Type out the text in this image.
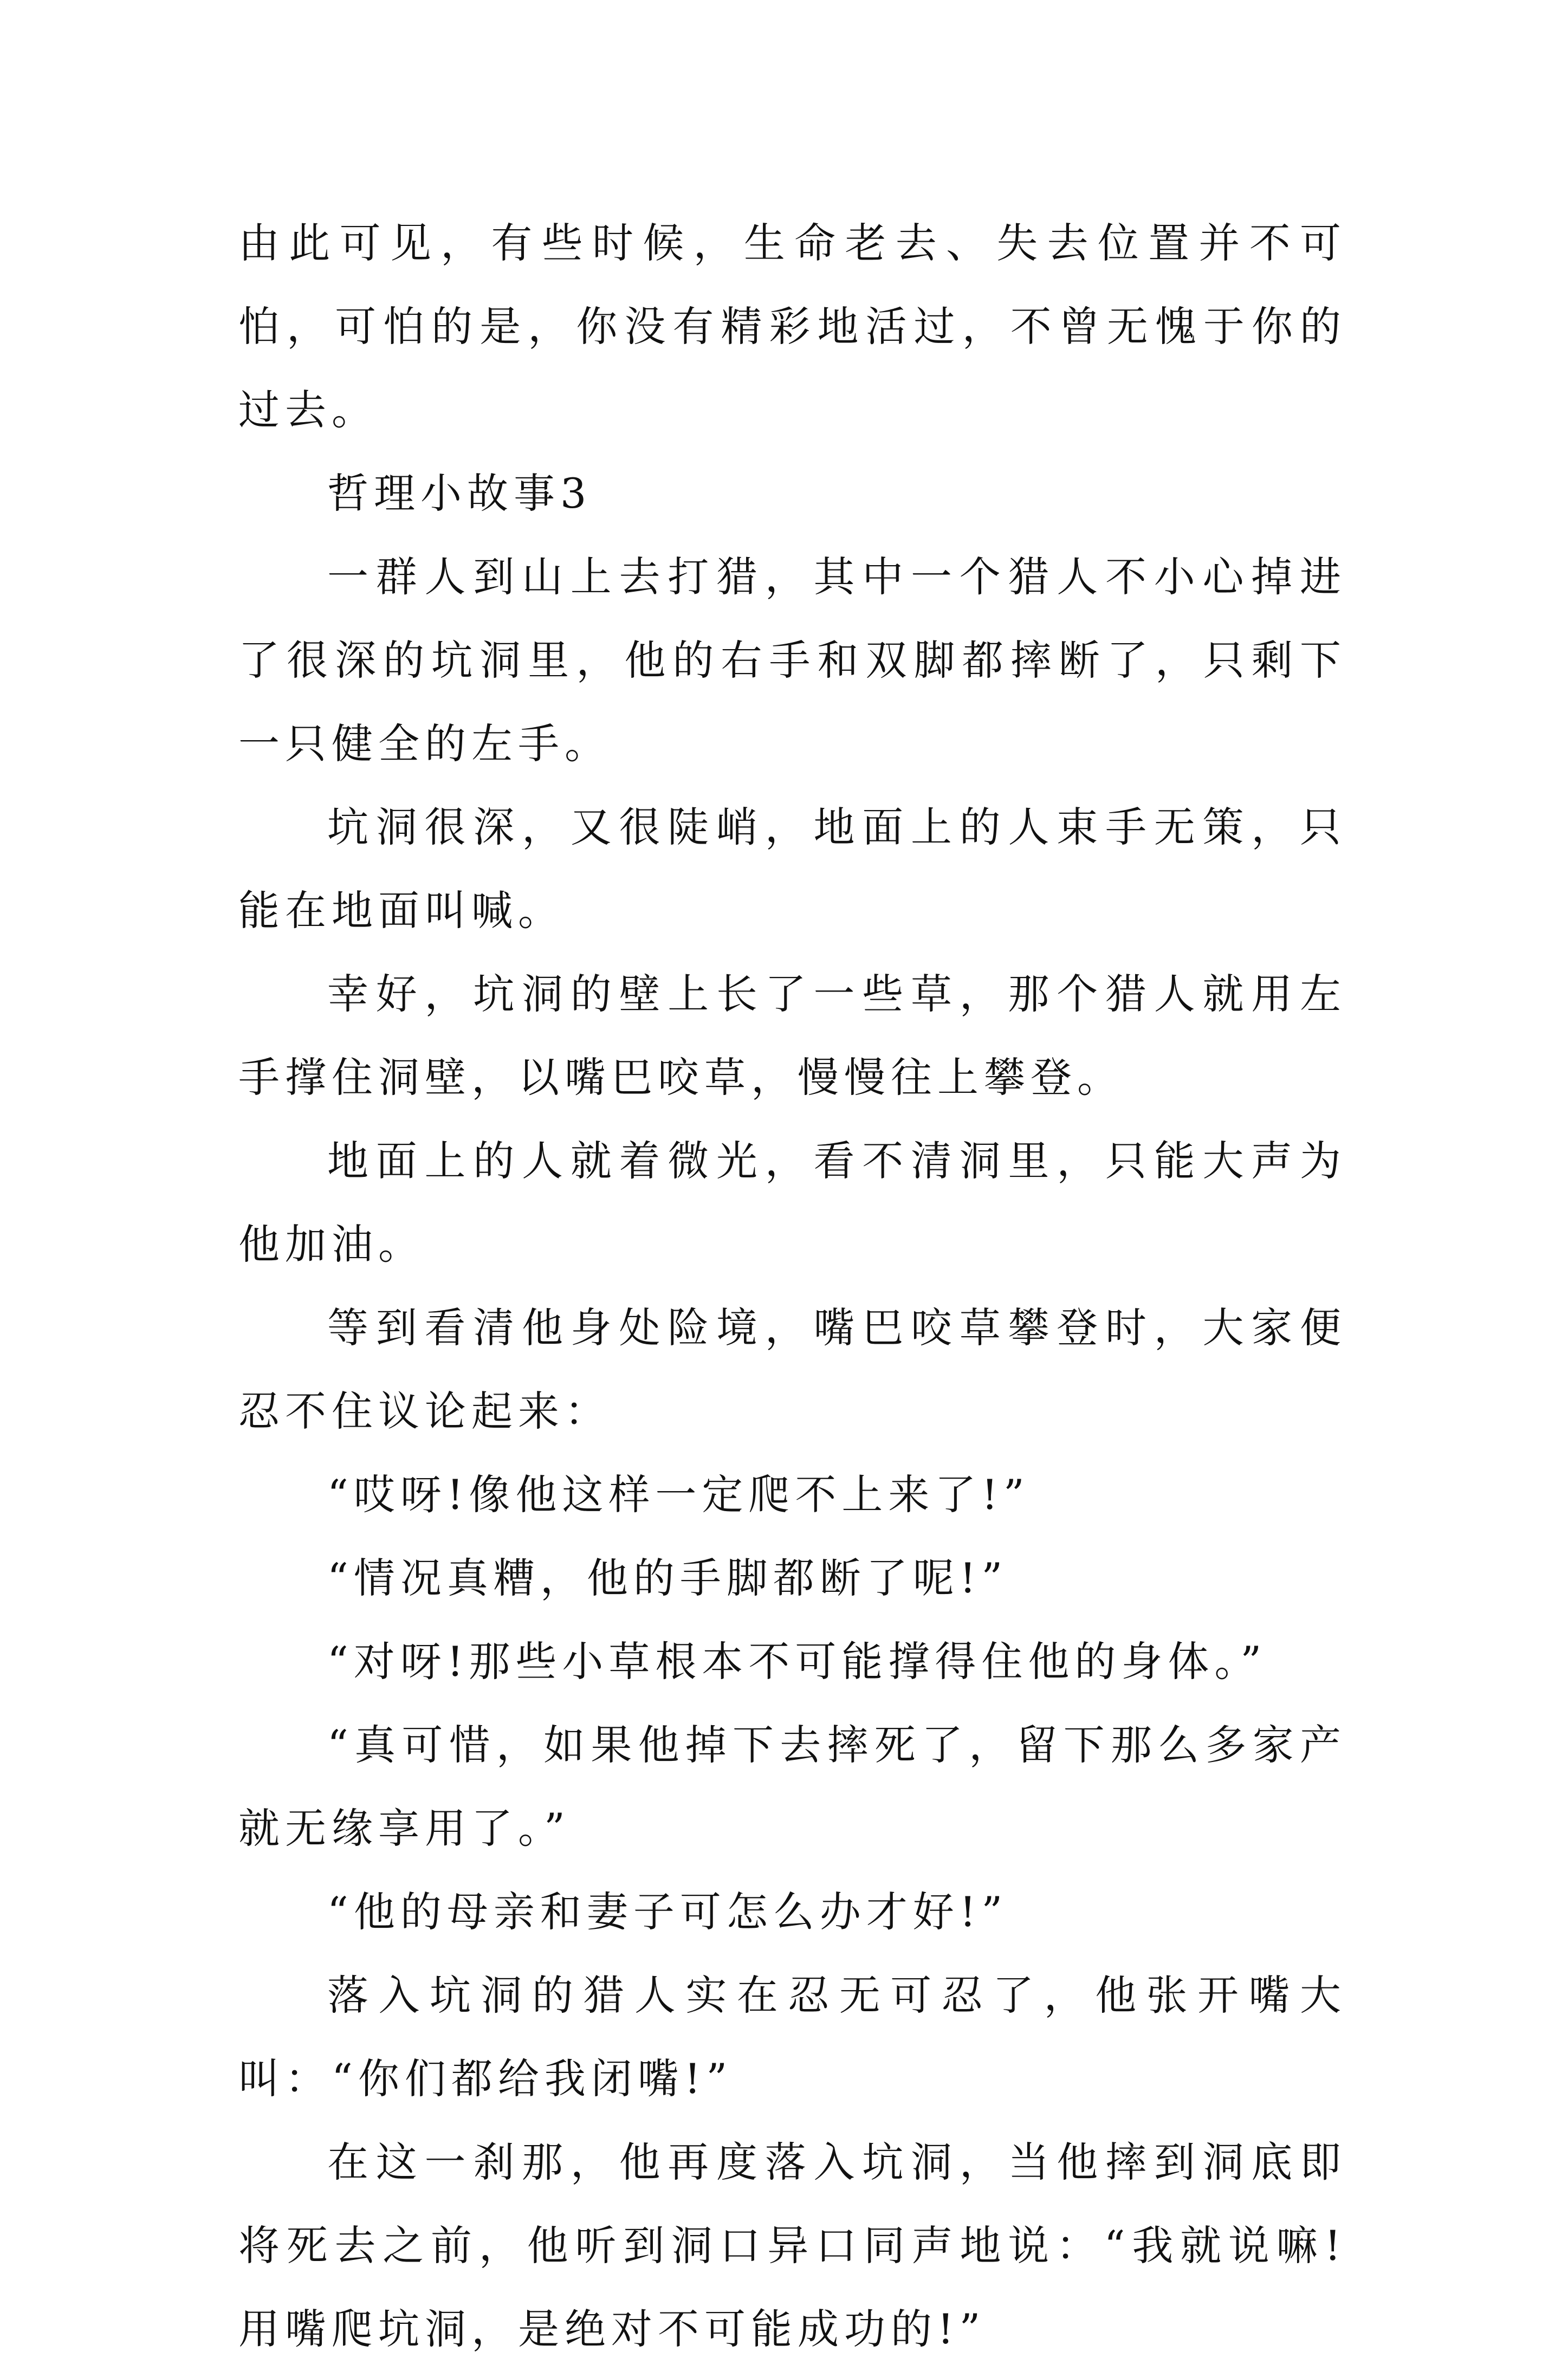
由此可见，有些时候，生命老去、失去位置并不可怕，可怕的是，你没有精彩地活过，不曾无愧于你的过去。

哲理小故事3

一群人到山上去打猎，其中一个猎人不小心掉进了很深的坑洞里，他的右手和双脚都摔断了，只剩下一只健全的左手。

坑洞很深，又很陡峭，地面上的人束手无策，只能在地面叫喊。

幸好，坑洞的壁上长了一些草，那个猎人就用左手撑住洞壁，以嘴巴咬草，慢慢往上攀登。

地面上的人就着微光，看不清洞里，只能大声为他加油。

等到看清他身处险境，嘴巴咬草攀登时，大家便忍不住议论起来：

“哎呀!像他这样一定爬不上来了!”

“情况真糟，他的手脚都断了呢!”

“对呀!那些小草根本不可能撑得住他的身体。”

“真可惜，如果他掉下去摔死了，留下那么多家产就无缘享用了。”

“他的母亲和妻子可怎么办才好!”

落入坑洞的猎人实在忍无可忍了，他张开嘴大叫：“你们都给我闭嘴!”

在这一刹那，他再度落入坑洞，当他摔到洞底即将死去之前，他听到洞口异口同声地说：“我就说嘛!用嘴爬坑洞，是绝对不可能成功的!”
